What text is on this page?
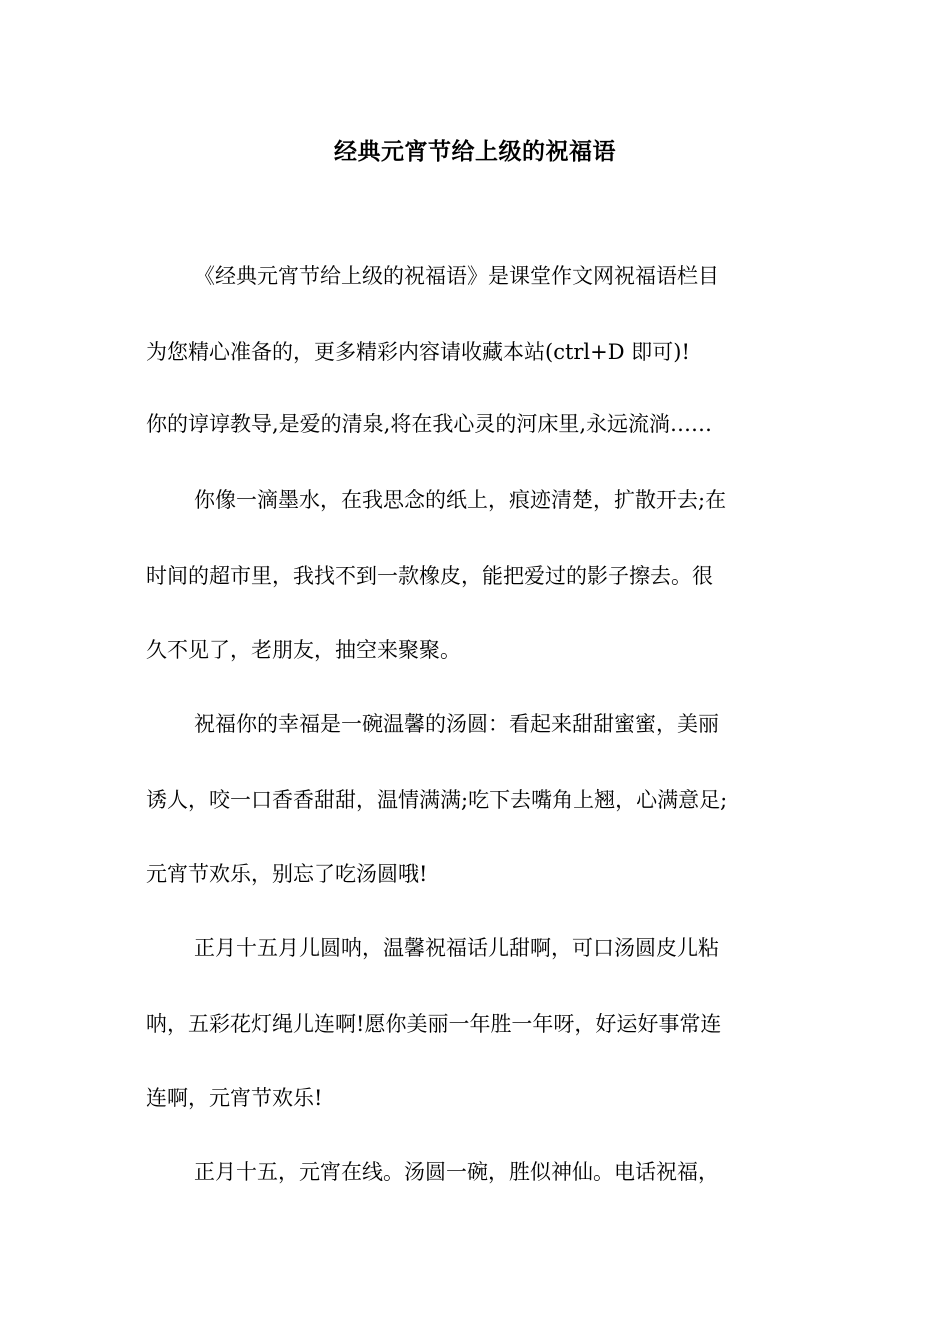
经典元宵节给上级的祝福语
《经典元宵节给上级的祝福语》是课堂作文网祝福语栏目
为您精心准备的，更多精彩内容请收藏本站(ctrl+D 即可)!
你的谆谆教导,是爱的清泉,将在我心灵的河床里,永远流淌……
你像一滴墨水，在我思念的纸上，痕迹清楚，扩散开去;在
时间的超市里，我找不到一款橡皮，能把爱过的影子擦去。很
久不见了，老朋友，抽空来聚聚。
祝福你的幸福是一碗温馨的汤圆：看起来甜甜蜜蜜，美丽
诱人，咬一口香香甜甜，温情满满;吃下去嘴角上翘，心满意足;
元宵节欢乐，别忘了吃汤圆哦!
正月十五月儿圆呐，温馨祝福话儿甜啊，可口汤圆皮儿粘
呐，五彩花灯绳儿连啊!愿你美丽一年胜一年呀，好运好事常连
连啊，元宵节欢乐!
正月十五，元宵在线。汤圆一碗，胜似神仙。电话祝福，
